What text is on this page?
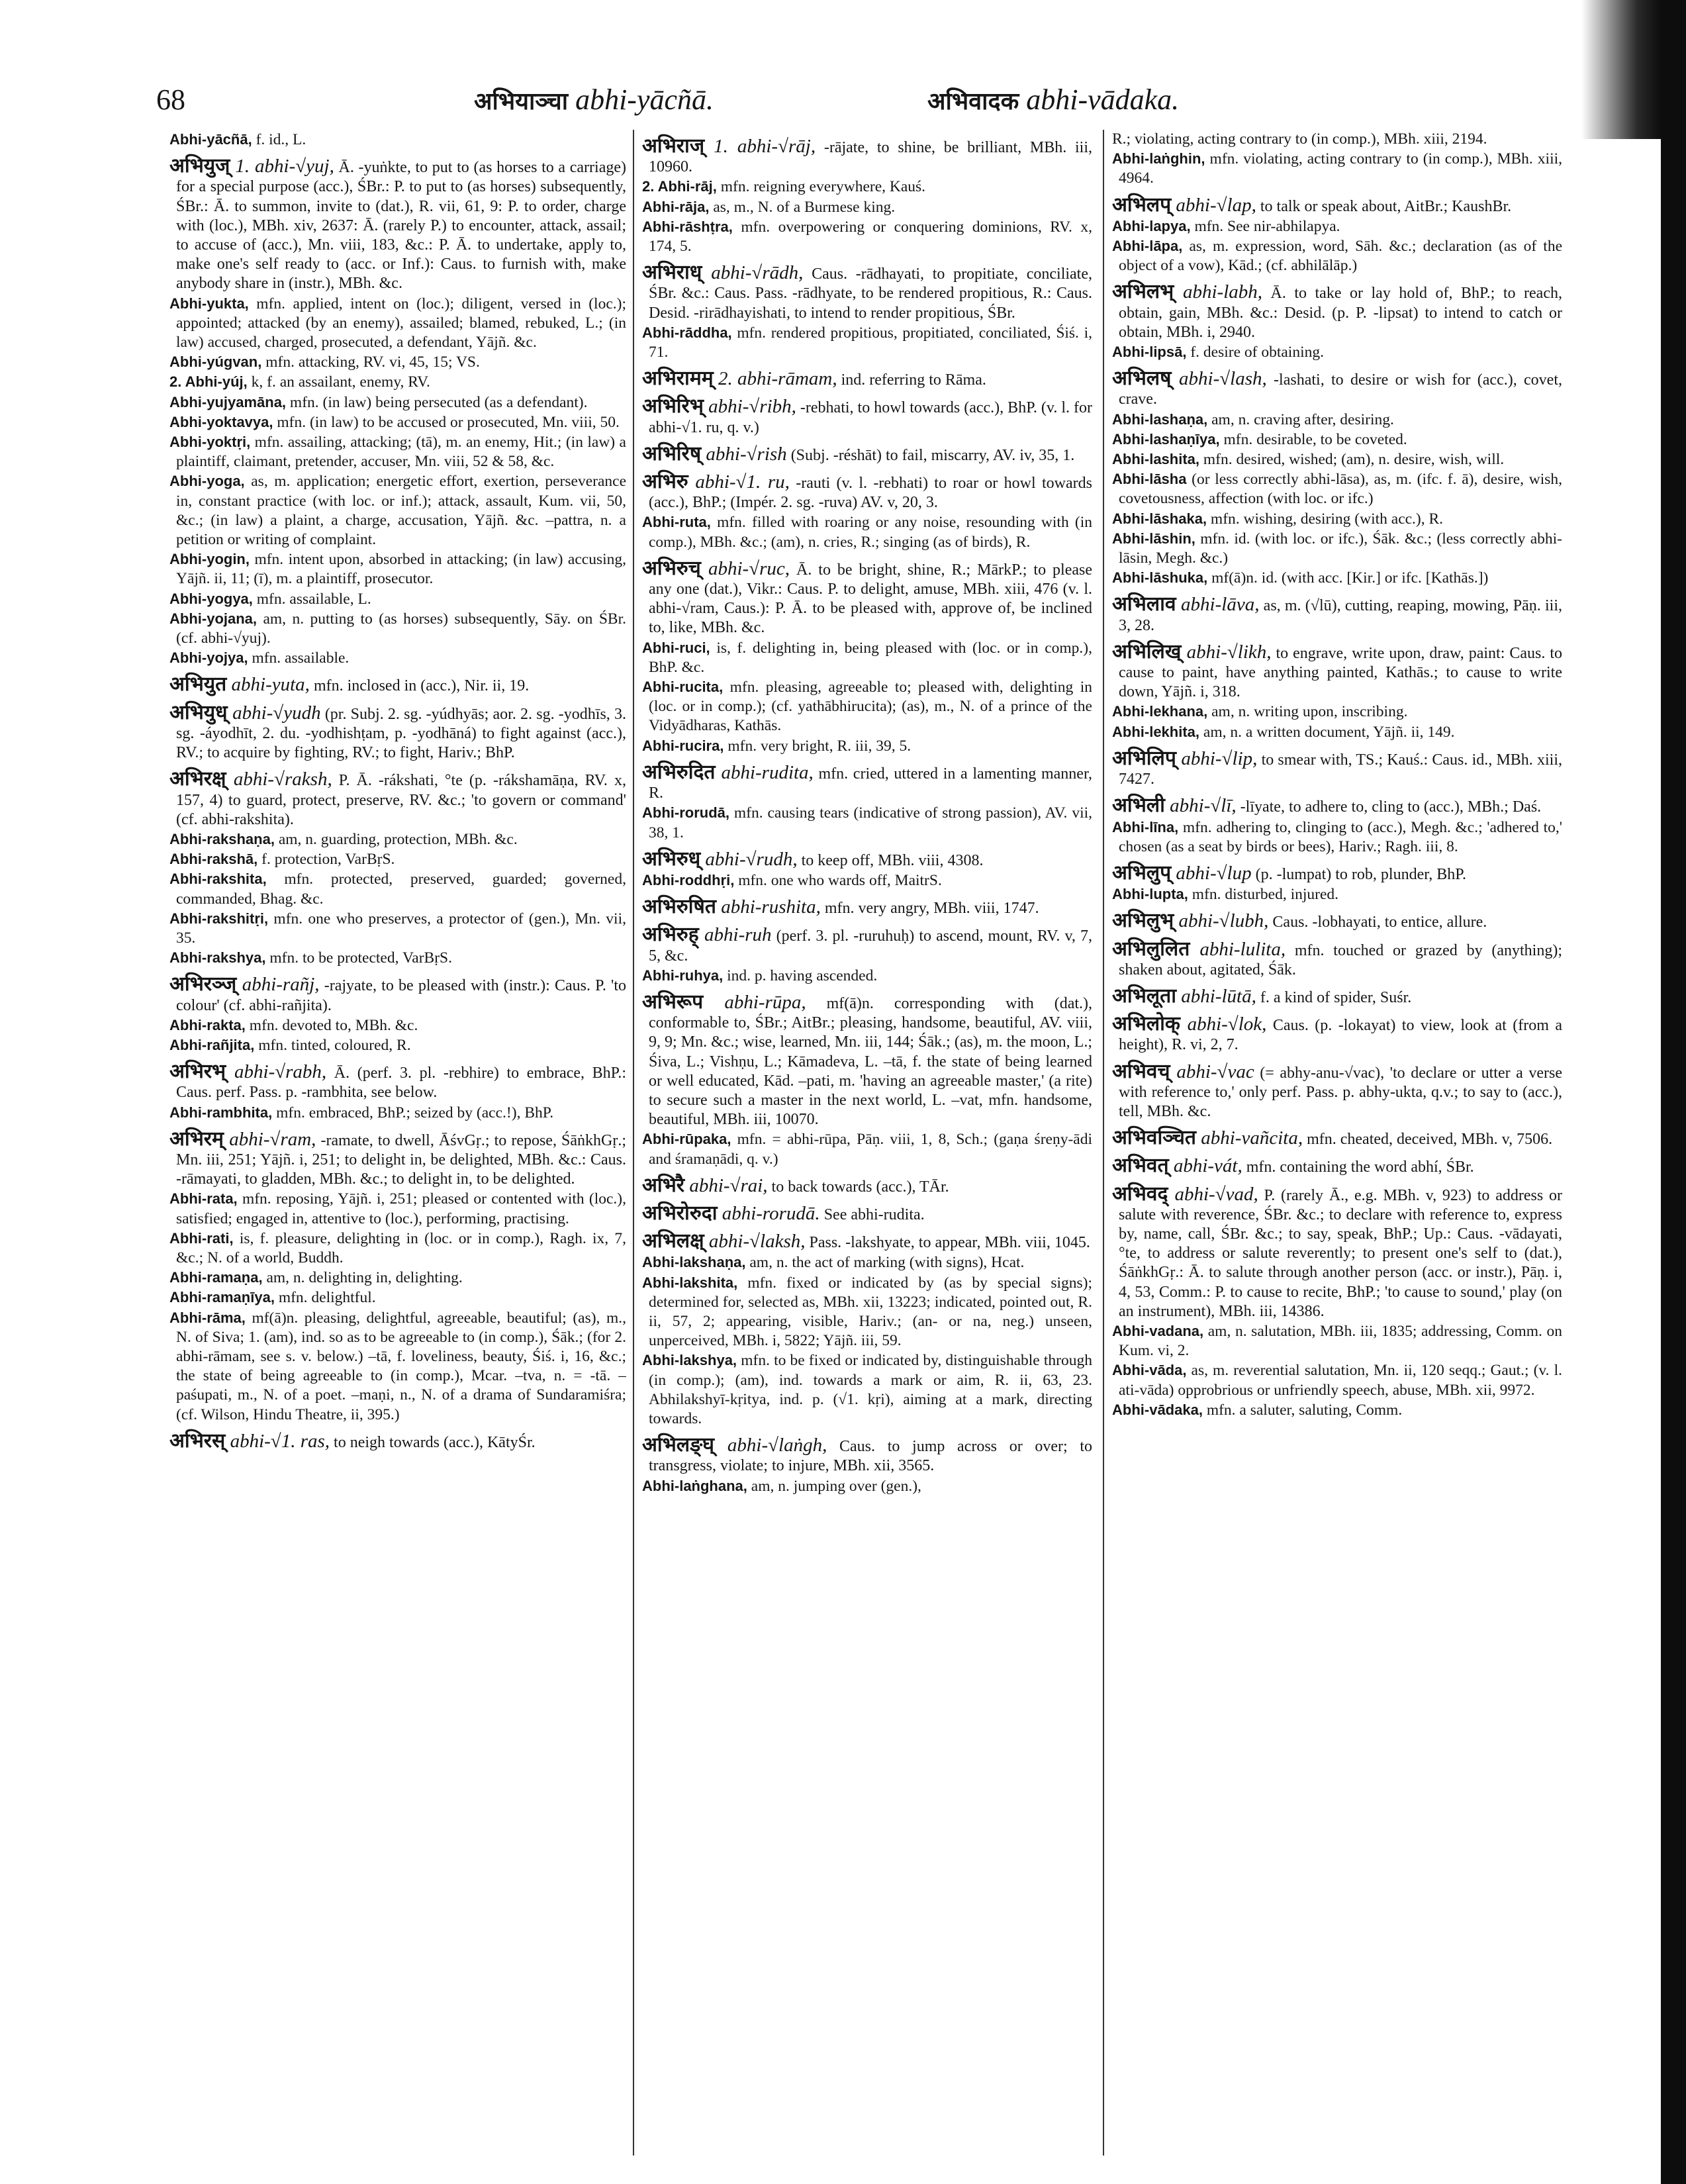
68	अभियाञ्चा abhi-yācñā.	अभिवादक abhi-vādaka.

Abhi-yācñā, f. id., L.

अभियुज् 1. abhi-√yuj, Ā. -yuṅkte, to put to (as horses to a carriage) for a special purpose (acc.), ŚBr.: P. to put to (as horses) subsequently, ŚBr.: Ā. to summon, invite to (dat.), R. vii, 61, 9: P. to order, charge with (loc.), MBh. xiv, 2637: Ā. (rarely P.) to encounter, attack, assail; to accuse of (acc.), Mn. viii, 183, &c.: P. Ā. to undertake, apply to, make one's self ready to (acc. or Inf.): Caus. to furnish with, make anybody share in (instr.), MBh. &c.

Abhi-yukta, mfn. applied, intent on (loc.); diligent, versed in (loc.); appointed; attacked (by an enemy), assailed; blamed, rebuked, L.; (in law) accused, charged, prosecuted, a defendant, Yājñ. &c.

Abhi-yúgvan, mfn. attacking, RV. vi, 45, 15; VS.

2. Abhi-yúj, k, f. an assailant, enemy, RV.

Abhi-yujyamāna, mfn. (in law) being persecuted (as a defendant).

Abhi-yoktavya, mfn. (in law) to be accused or prosecuted, Mn. viii, 50.

Abhi-yoktṛi, mfn. assailing, attacking; (tā), m. an enemy, Hit.; (in law) a plaintiff, claimant, pretender, accuser, Mn. viii, 52 & 58, &c.

Abhi-yoga, as, m. application; energetic effort, exertion, perseverance in, constant practice (with loc. or inf.); attack, assault, Kum. vii, 50, &c.; (in law) a plaint, a charge, accusation, Yājñ. &c. –pattra, n. a petition or writing of complaint.

Abhi-yogin, mfn. intent upon, absorbed in attacking; (in law) accusing, Yājñ. ii, 11; (ī), m. a plaintiff, prosecutor.

Abhi-yogya, mfn. assailable, L.

Abhi-yojana, am, n. putting to (as horses) subsequently, Sāy. on ŚBr. (cf. abhi-√yuj).

Abhi-yojya, mfn. assailable.

अभियुत abhi-yuta, mfn. inclosed in (acc.), Nir. ii, 19.

अभियुध् abhi-√yudh (pr. Subj. 2. sg. -yúdhyās; aor. 2. sg. -yodhīs, 3. sg. -áyodhīt, 2. du. -yodhishṭam, p. -yodhāná) to fight against (acc.), RV.; to acquire by fighting, RV.; to fight, Hariv.; BhP.

अभिरक्ष् abhi-√raksh, P. Ā. -rákshati, °te (p. -rákshamāṇa, RV. x, 157, 4) to guard, protect, preserve, RV. &c.; 'to govern or command' (cf. abhi-rakshita).

Abhi-rakshaṇa, am, n. guarding, protection, MBh. &c.

Abhi-rakshā, f. protection, VarBṛS.

Abhi-rakshita, mfn. protected, preserved, guarded; governed, commanded, Bhag. &c.

Abhi-rakshitṛi, mfn. one who preserves, a protector of (gen.), Mn. vii, 35.

Abhi-rakshya, mfn. to be protected, VarBṛS.

अभिरञ्ज् abhi-rañj, -rajyate, to be pleased with (instr.): Caus. P. 'to colour' (cf. abhi-rañjita).

Abhi-rakta, mfn. devoted to, MBh. &c.

Abhi-rañjita, mfn. tinted, coloured, R.

अभिरभ् abhi-√rabh, Ā. (perf. 3. pl. -rebhire) to embrace, BhP.: Caus. perf. Pass. p. -rambhita, see below.

Abhi-rambhita, mfn. embraced, BhP.; seized by (acc.!), BhP.

अभिरम् abhi-√ram, -ramate, to dwell, ĀśvGṛ.; to repose, ŚāṅkhGṛ.; Mn. iii, 251; Yājñ. i, 251; to delight in, be delighted, MBh. &c.: Caus. -rāmayati, to gladden, MBh. &c.; to delight in, to be delighted.

Abhi-rata, mfn. reposing, Yājñ. i, 251; pleased or contented with (loc.), satisfied; engaged in, attentive to (loc.), performing, practising.

Abhi-rati, is, f. pleasure, delighting in (loc. or in comp.), Ragh. ix, 7, &c.; N. of a world, Buddh.

Abhi-ramaṇa, am, n. delighting in, delighting.

Abhi-ramaṇīya, mfn. delightful.

Abhi-rāma, mf(ā)n. pleasing, delightful, agreeable, beautiful; (as), m., N. of Siva; 1. (am), ind. so as to be agreeable to (in comp.), Śāk.; (for 2. abhi-rāmam, see s. v. below.) –tā, f. loveliness, beauty, Śiś. i, 16, &c.; the state of being agreeable to (in comp.), Mcar. –tva, n. = -tā. –paśupati, m., N. of a poet. –maṇi, n., N. of a drama of Sundaramiśra; (cf. Wilson, Hindu Theatre, ii, 395.)

अभिरस् abhi-√1. ras, to neigh towards (acc.), KātyŚr.

अभिराज् 1. abhi-√rāj, -rājate, to shine, be brilliant, MBh. iii, 10960.

2. Abhi-rāj, mfn. reigning everywhere, Kauś.

Abhi-rāja, as, m., N. of a Burmese king.

Abhi-rāshṭra, mfn. overpowering or conquering dominions, RV. x, 174, 5.

अभिराध् abhi-√rādh, Caus. -rādhayati, to propitiate, conciliate, ŚBr. &c.: Caus. Pass. -rādhyate, to be rendered propitious, R.: Caus. Desid. -rirādhayishati, to intend to render propitious, ŚBr.

Abhi-rāddha, mfn. rendered propitious, propitiated, conciliated, Śiś. i, 71.

अभिरामम् 2. abhi-rāmam, ind. referring to Rāma.

अभिरिभ् abhi-√ribh, -rebhati, to howl towards (acc.), BhP. (v. l. for abhi-√1. ru, q. v.)

अभिरिष् abhi-√rish (Subj. -réshāt) to fail, miscarry, AV. iv, 35, 1.

अभिरु abhi-√1. ru, -rauti (v. l. -rebhati) to roar or howl towards (acc.), BhP.; (Impér. 2. sg. -ruva) AV. v, 20, 3.

Abhi-ruta, mfn. filled with roaring or any noise, resounding with (in comp.), MBh. &c.; (am), n. cries, R.; singing (as of birds), R.

अभिरुच् abhi-√ruc, Ā. to be bright, shine, R.; MārkP.; to please any one (dat.), Vikr.: Caus. P. to delight, amuse, MBh. xiii, 476 (v. l. abhi-√ram, Caus.): P. Ā. to be pleased with, approve of, be inclined to, like, MBh. &c.

Abhi-ruci, is, f. delighting in, being pleased with (loc. or in comp.), BhP. &c.

Abhi-rucita, mfn. pleasing, agreeable to; pleased with, delighting in (loc. or in comp.); (cf. yathābhirucita); (as), m., N. of a prince of the Vidyādharas, Kathās.

Abhi-rucira, mfn. very bright, R. iii, 39, 5.

अभिरुदित abhi-rudita, mfn. cried, uttered in a lamenting manner, R.

Abhi-rorudā, mfn. causing tears (indicative of strong passion), AV. vii, 38, 1.

अभिरुध् abhi-√rudh, to keep off, MBh. viii, 4308.

Abhi-roddhṛi, mfn. one who wards off, MaitrS.

अभिरुषित abhi-rushita, mfn. very angry, MBh. viii, 1747.

अभिरुह् abhi-ruh (perf. 3. pl. -ruruhuḥ) to ascend, mount, RV. v, 7, 5, &c.

Abhi-ruhya, ind. p. having ascended.

अभिरूप abhi-rūpa, mf(ā)n. corresponding with (dat.), conformable to, ŚBr.; AitBr.; pleasing, handsome, beautiful, AV. viii, 9, 9; Mn. &c.; wise, learned, Mn. iii, 144; Śāk.; (as), m. the moon, L.; Śiva, L.; Vishṇu, L.; Kāmadeva, L. –tā, f. the state of being learned or well educated, Kād. –pati, m. 'having an agreeable master,' (a rite) to secure such a master in the next world, L. –vat, mfn. handsome, beautiful, MBh. iii, 10070.

Abhi-rūpaka, mfn. = abhi-rūpa, Pāṇ. viii, 1, 8, Sch.; (gaṇa śreṇy-ādi and śramaṇādi, q. v.)

अभिरै abhi-√rai, to back towards (acc.), TĀr.

अभिरोरुदा abhi-rorudā. See abhi-rudita.

अभिलक्ष् abhi-√laksh, Pass. -lakshyate, to appear, MBh. viii, 1045.

Abhi-lakshaṇa, am, n. the act of marking (with signs), Hcat.

Abhi-lakshita, mfn. fixed or indicated by (as by special signs); determined for, selected as, MBh. xii, 13223; indicated, pointed out, R. ii, 57, 2; appearing, visible, Hariv.; (an- or na, neg.) unseen, unperceived, MBh. i, 5822; Yājñ. iii, 59.

Abhi-lakshya, mfn. to be fixed or indicated by, distinguishable through (in comp.); (am), ind. towards a mark or aim, R. ii, 63, 23. Abhilakshyī-kṛitya, ind. p. (√1. kṛi), aiming at a mark, directing towards.

अभिलङ्घ् abhi-√laṅgh, Caus. to jump across or over; to transgress, violate; to injure, MBh. xii, 3565.

Abhi-laṅghana, am, n. jumping over (gen.),

R.; violating, acting contrary to (in comp.), MBh. xiii, 2194.

Abhi-laṅghin, mfn. violating, acting contrary to (in comp.), MBh. xiii, 4964.

अभिलप् abhi-√lap, to talk or speak about, AitBr.; KaushBr.

Abhi-lapya, mfn. See nir-abhilapya.

Abhi-lāpa, as, m. expression, word, Sāh. &c.; declaration (as of the object of a vow), Kād.; (cf. abhilālāp.)

अभिलभ् abhi-labh, Ā. to take or lay hold of, BhP.; to reach, obtain, gain, MBh. &c.: Desid. (p. P. -lipsat) to intend to catch or obtain, MBh. i, 2940.

Abhi-lipsā, f. desire of obtaining.

अभिलष् abhi-√lash, -lashati, to desire or wish for (acc.), covet, crave.

Abhi-lashaṇa, am, n. craving after, desiring.

Abhi-lashaṇīya, mfn. desirable, to be coveted.

Abhi-lashita, mfn. desired, wished; (am), n. desire, wish, will.

Abhi-lāsha (or less correctly abhi-lāsa), as, m. (ifc. f. ā), desire, wish, covetousness, affection (with loc. or ifc.)

Abhi-lāshaka, mfn. wishing, desiring (with acc.), R.

Abhi-lāshin, mfn. id. (with loc. or ifc.), Śāk. &c.; (less correctly abhi-lāsin, Megh. &c.)

Abhi-lāshuka, mf(ā)n. id. (with acc. [Kir.] or ifc. [Kathās.])

अभिलाव abhi-lāva, as, m. (√lū), cutting, reaping, mowing, Pāṇ. iii, 3, 28.

अभिलिख् abhi-√likh, to engrave, write upon, draw, paint: Caus. to cause to paint, have anything painted, Kathās.; to cause to write down, Yājñ. i, 318.

Abhi-lekhana, am, n. writing upon, inscribing.

Abhi-lekhita, am, n. a written document, Yājñ. ii, 149.

अभिलिप् abhi-√lip, to smear with, TS.; Kauś.: Caus. id., MBh. xiii, 7427.

अभिली abhi-√lī, -līyate, to adhere to, cling to (acc.), MBh.; Daś.

Abhi-līna, mfn. adhering to, clinging to (acc.), Megh. &c.; 'adhered to,' chosen (as a seat by birds or bees), Hariv.; Ragh. iii, 8.

अभिलुप् abhi-√lup (p. -lumpat) to rob, plunder, BhP.

Abhi-lupta, mfn. disturbed, injured.

अभिलुभ् abhi-√lubh, Caus. -lobhayati, to entice, allure.

अभिलुलित abhi-lulita, mfn. touched or grazed by (anything); shaken about, agitated, Śāk.

अभिलूता abhi-lūtā, f. a kind of spider, Suśr.

अभिलोक् abhi-√lok, Caus. (p. -lokayat) to view, look at (from a height), R. vi, 2, 7.

अभिवच् abhi-√vac (= abhy-anu-√vac), 'to declare or utter a verse with reference to,' only perf. Pass. p. abhy-ukta, q.v.; to say to (acc.), tell, MBh. &c.

अभिवञ्चित abhi-vañcita, mfn. cheated, deceived, MBh. v, 7506.

अभिवत् abhi-vát, mfn. containing the word abhí, ŚBr.

अभिवद् abhi-√vad, P. (rarely Ā., e.g. MBh. v, 923) to address or salute with reverence, ŚBr. &c.; to declare with reference to, express by, name, call, ŚBr. &c.; to say, speak, BhP.; Up.: Caus. -vādayati, °te, to address or salute reverently; to present one's self to (dat.), ŚāṅkhGṛ.: Ā. to salute through another person (acc. or instr.), Pāṇ. i, 4, 53, Comm.: P. to cause to recite, BhP.; 'to cause to sound,' play (on an instrument), MBh. iii, 14386.

Abhi-vadana, am, n. salutation, MBh. iii, 1835; addressing, Comm. on Kum. vi, 2.

Abhi-vāda, as, m. reverential salutation, Mn. ii, 120 seqq.; Gaut.; (v. l. ati-vāda) opprobrious or unfriendly speech, abuse, MBh. xii, 9972.

Abhi-vādaka, mfn. a saluter, saluting, Comm.
